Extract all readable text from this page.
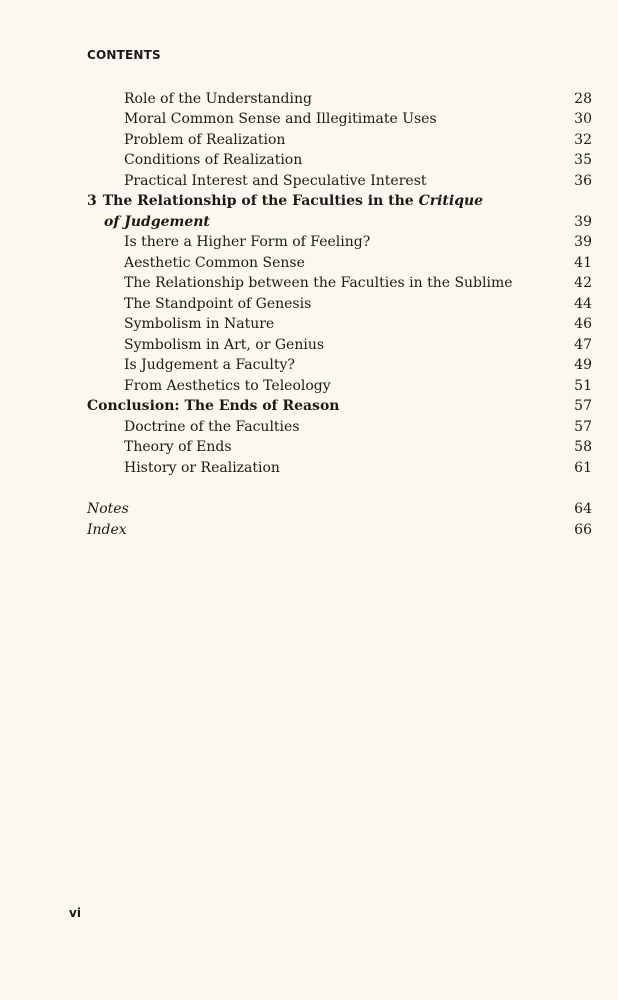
CONTENTS
Role of the Understanding	28
Moral Common Sense and Illegitimate Uses	30
Problem of Realization	32
Conditions of Realization	35
Practical Interest and Speculative Interest	36
3 The Relationship of the Faculties in the Critique
of Judgement	39
Is there a Higher Form of Feeling?	39
Aesthetic Common Sense	41
The Relationship between the Faculties in the Sublime	42
The Standpoint of Genesis	44
Symbolism in Nature	46
Symbolism in Art, or Genius	47
Is Judgement a Faculty?	49
From Aesthetics to Teleology	51
Conclusion: The Ends of Reason	57
Doctrine of the Faculties	57
Theory of Ends	58
History or Realization	61
Notes	64
Index	66
vi
